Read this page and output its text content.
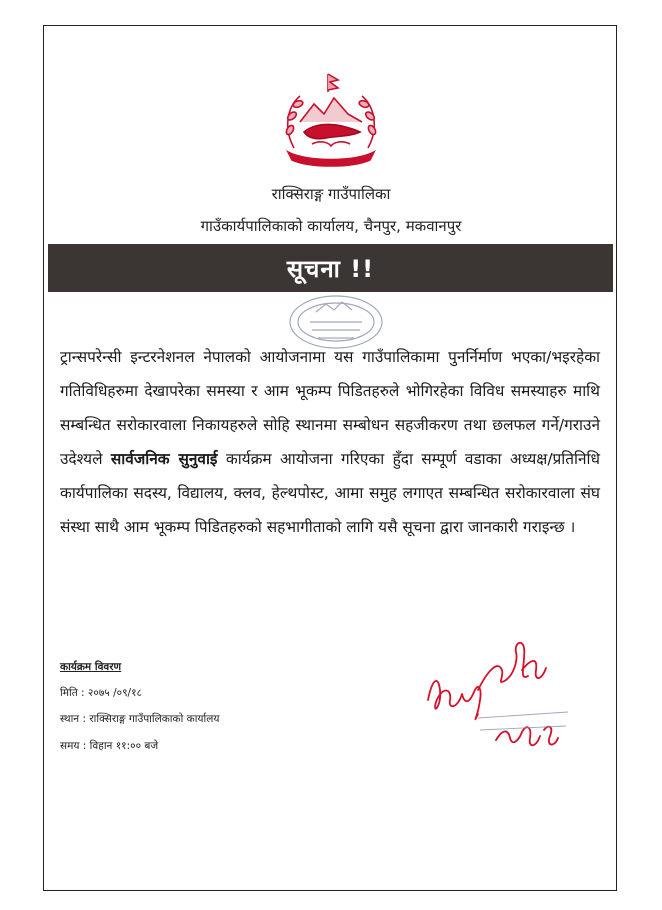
राक्सिराङ्ग गाउँपालिका
गाउँकार्यपालिकाको कार्यालय, चैनपुर, मकवानपुर
सूचना !!
ट्रान्सपरेन्सी इन्टरनेशनल नेपालको आयोजनामा यस गाउँपालिकामा पुनर्निर्माण भएका/भइरहेका गतिविधिहरुमा देखापरेका समस्या र आम भूकम्प पिडितहरुले भोगिरहेका विविध समस्याहरु माथि सम्बन्धित सरोकारवाला निकायहरुले सोहि स्थानमा सम्बोधन सहजीकरण तथा छलफल गर्ने/गराउने उदेश्यले सार्वजनिक सुनुवाई कार्यक्रम आयोजना गरिएका हुँदा सम्पूर्ण वडाका अध्यक्ष/प्रतिनिधि कार्यपालिका सदस्य, विद्यालय, क्लव, हेल्थपोस्ट, आमा समुह लगाएत सम्बन्धित सरोकारवाला संघ संस्था साथै आम भूकम्प पिडितहरुको सहभागीताको लागि यसै सूचना द्वारा जानकारी गराइन्छ ।
कार्यक्रम विवरण
मिति : २०७५ /०९/१८
स्थान : राक्सिराङ्ग गाउँपालिकाको कार्यालय
समय : विहान ११:०० बजे
